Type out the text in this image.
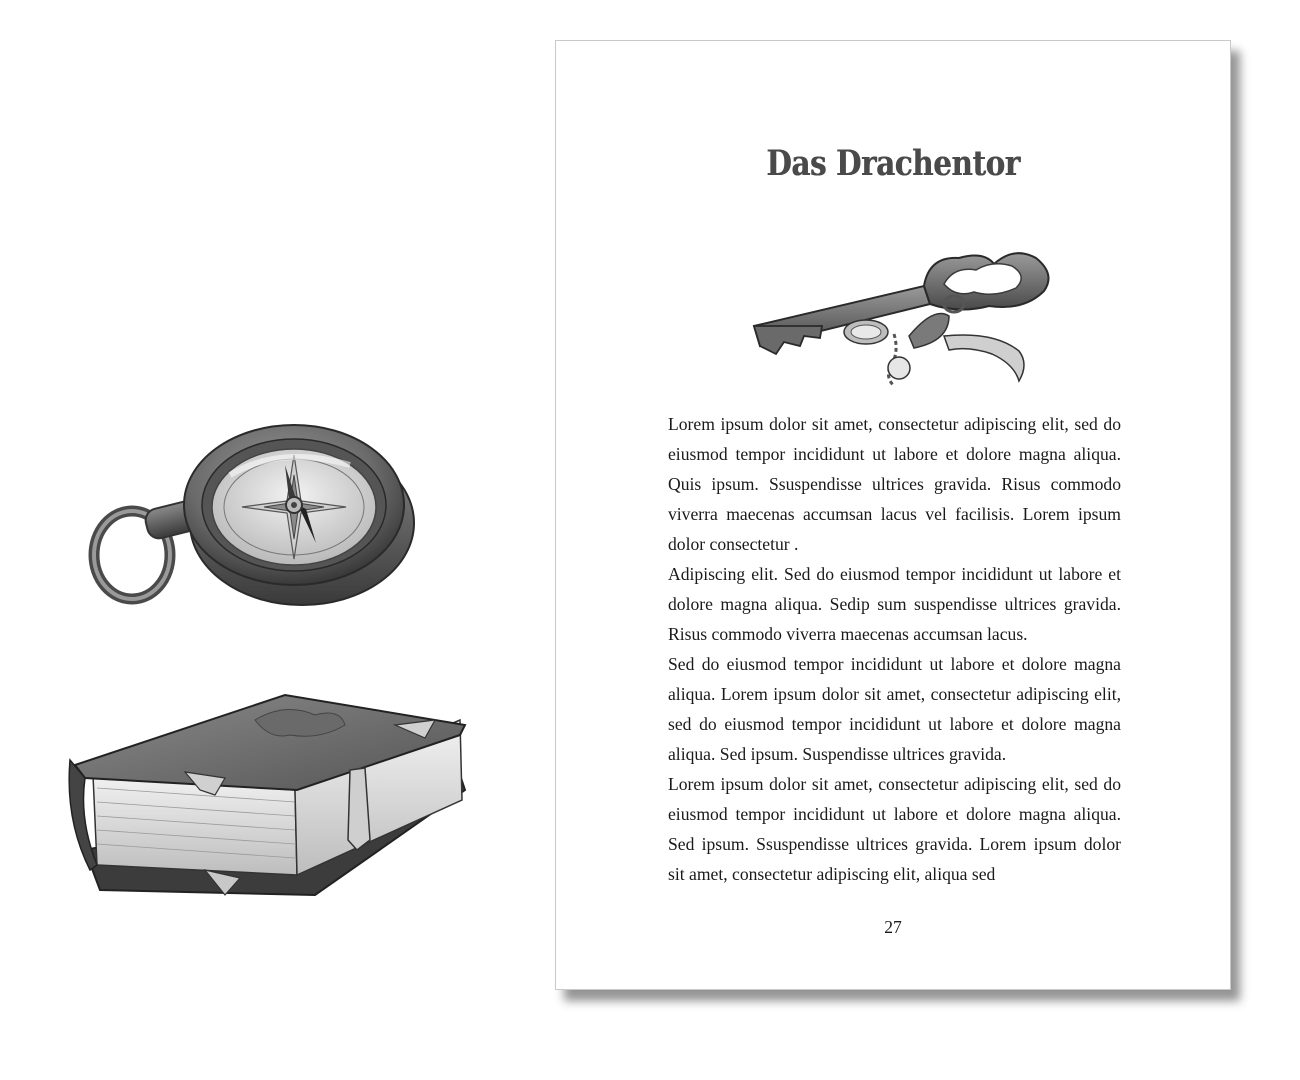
Das Drachentor

Lorem ipsum dolor sit amet, consectetur adipiscing elit, sed do eiusmod tempor incididunt ut labore et dolore magna aliqua. Quis ipsum. Ssuspendisse ultrices gravida. Risus commodo viverra maecenas accumsan lacus vel facilisis. Lorem ipsum dolor consectetur .

Adipiscing elit. Sed do eiusmod tempor incididunt ut labore et dolore magna aliqua. Sedip sum suspendisse ultrices gravida. Risus commodo viverra maecenas accumsan lacus.

Sed do eiusmod tempor incididunt ut labore et dolore magna aliqua. Lorem ipsum dolor sit amet, consectetur adipiscing elit, sed do eiusmod tempor incididunt ut labore et dolore magna aliqua. Sed ipsum. Suspendisse ultrices gravida.

Lorem ipsum dolor sit amet, consectetur adipiscing elit, sed do eiusmod tempor incididunt ut labore et dolore magna aliqua. Sed ipsum. Ssuspendisse ultrices gravida. Lorem ipsum dolor sit amet, consectetur adipiscing elit, aliqua sed

27
